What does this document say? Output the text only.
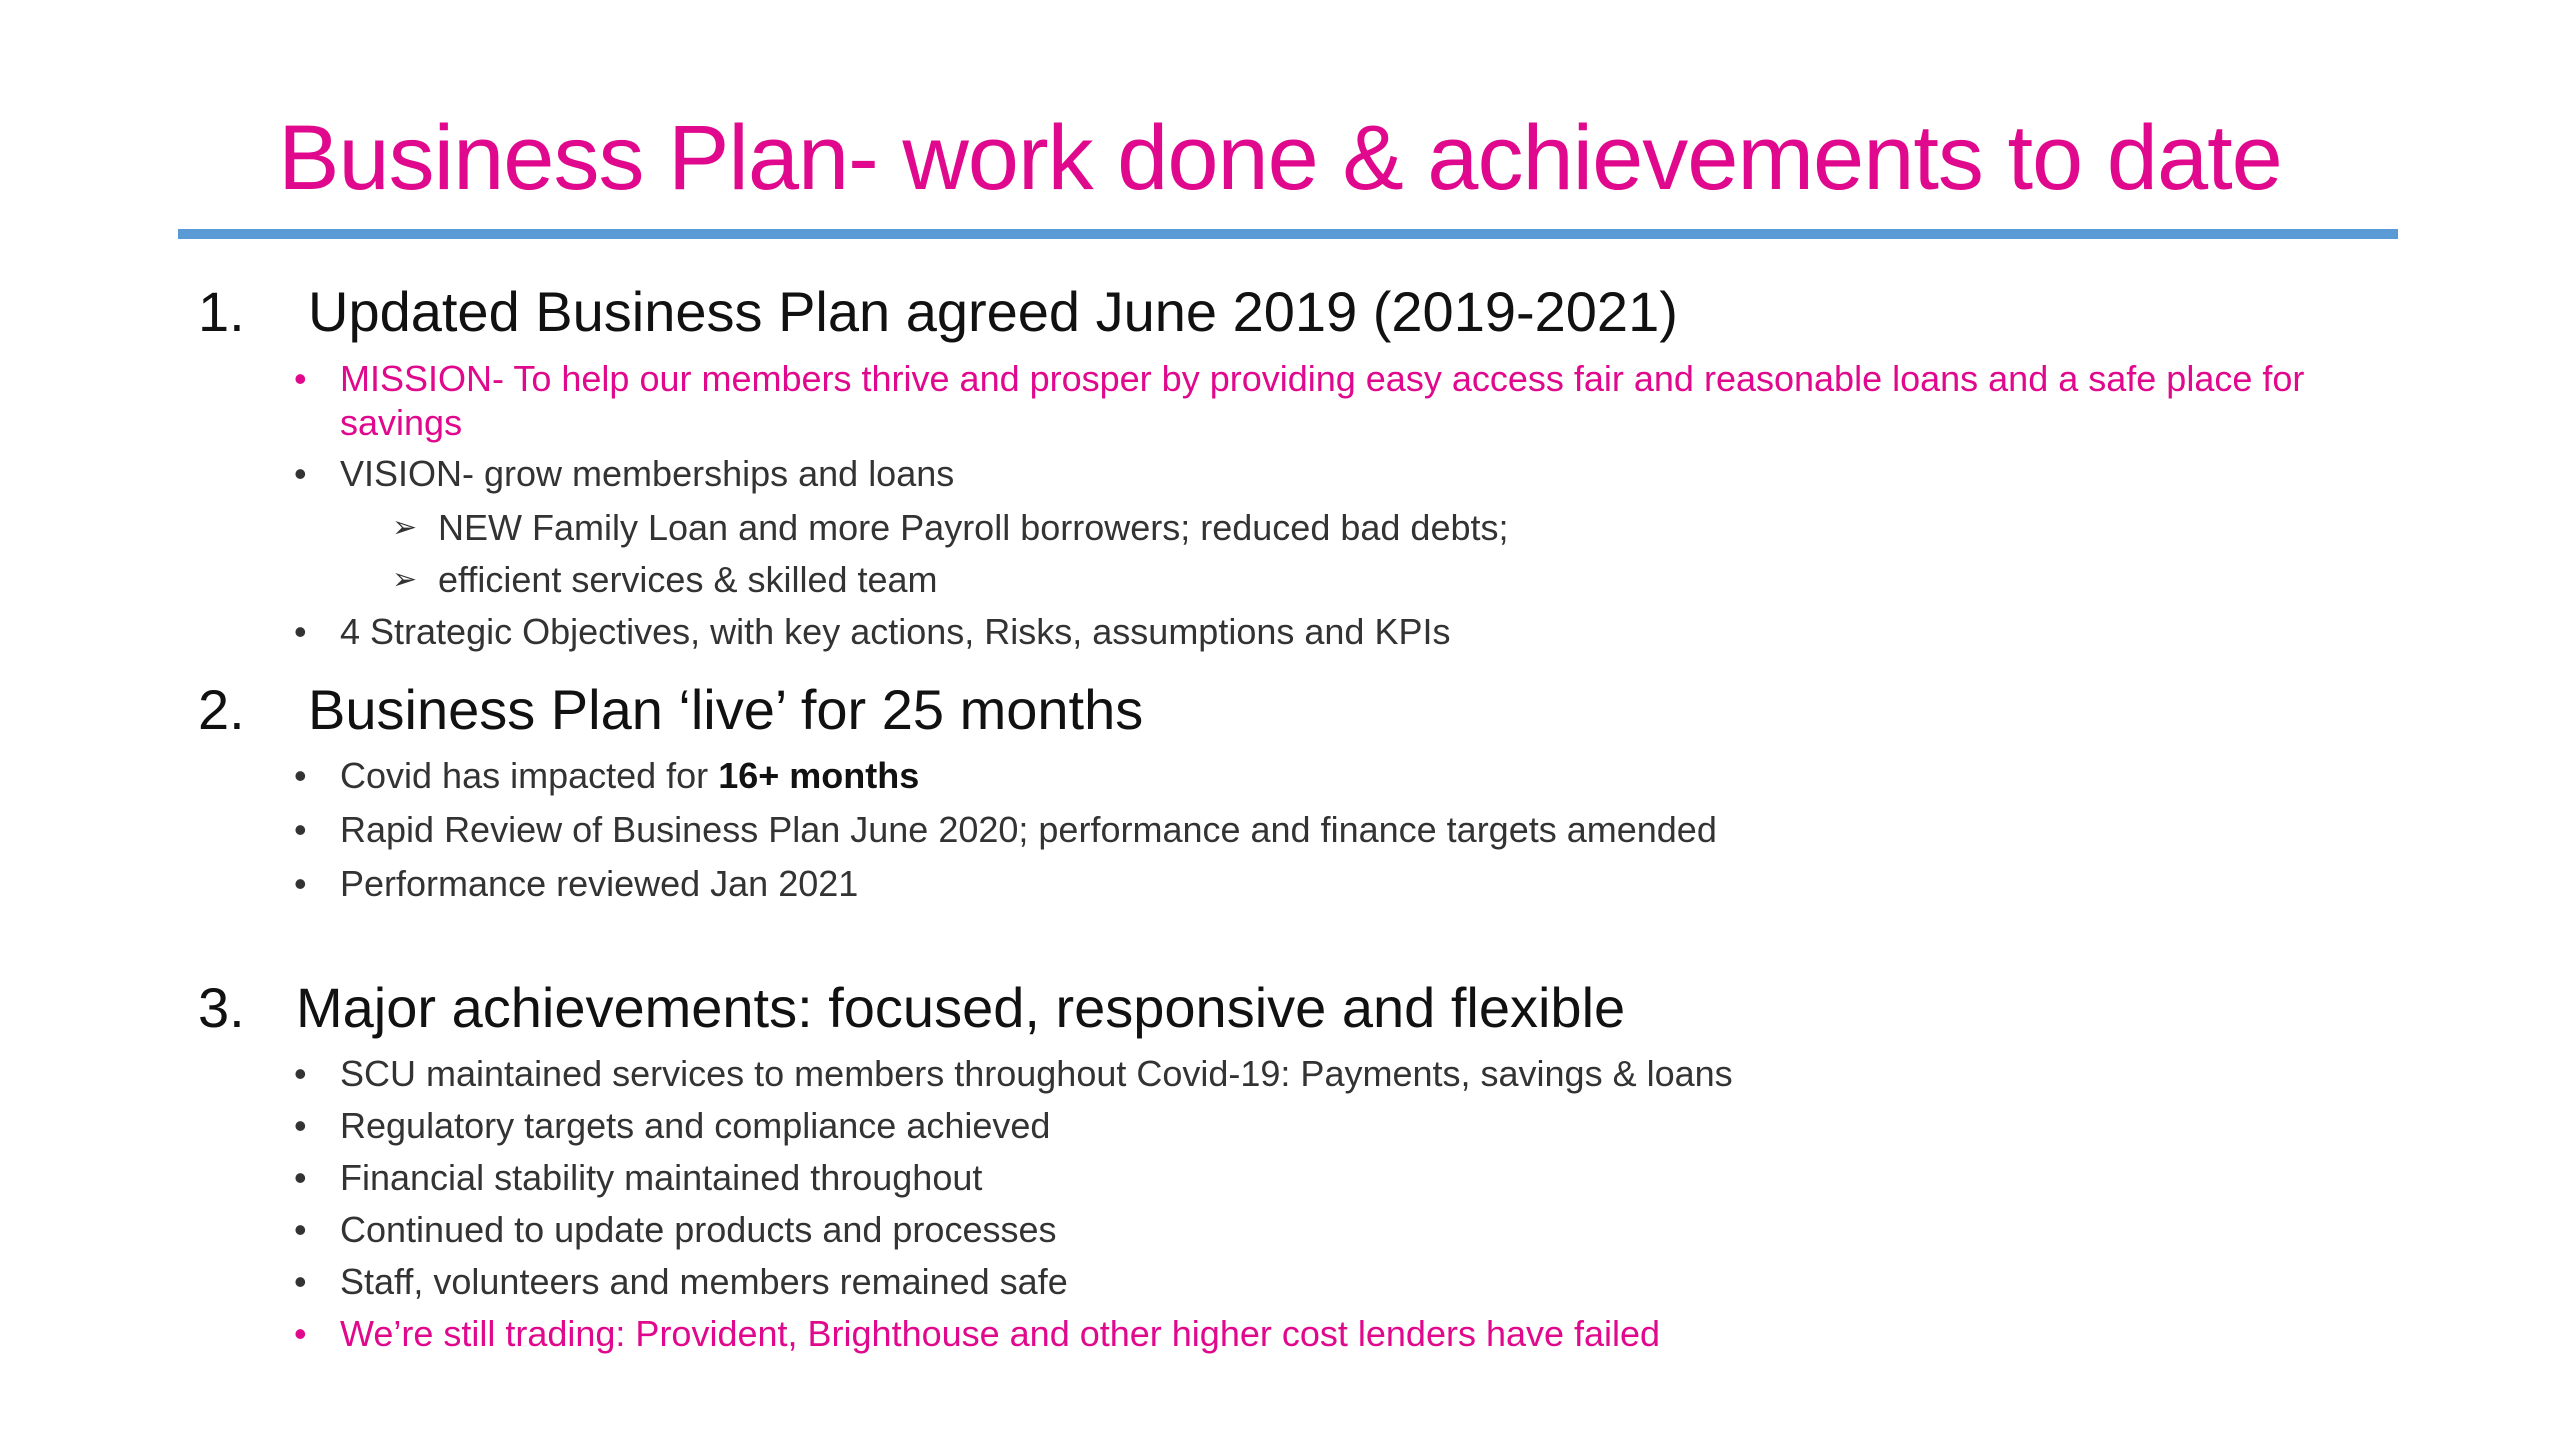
Business Plan- work done & achievements to date
1. Updated Business Plan agreed June 2019 (2019-2021)
• MISSION- To help our members thrive and prosper by providing easy access fair and reasonable loans and a safe place for savings
• VISION- grow memberships and loans
➢ NEW Family Loan and more Payroll borrowers; reduced bad debts;
➢ efficient services & skilled team
• 4 Strategic Objectives, with key actions, Risks, assumptions and KPIs
2. Business Plan ‘live’ for 25 months
• Covid has impacted for 16+ months
• Rapid Review of Business Plan June 2020; performance and finance targets amended
• Performance reviewed Jan 2021
3. Major achievements: focused, responsive and flexible
• SCU maintained services to members throughout Covid-19: Payments, savings & loans
• Regulatory targets and compliance achieved
• Financial stability maintained throughout
• Continued to update products and processes
• Staff, volunteers and members remained safe
• We’re still trading: Provident, Brighthouse and other higher cost lenders have failed
